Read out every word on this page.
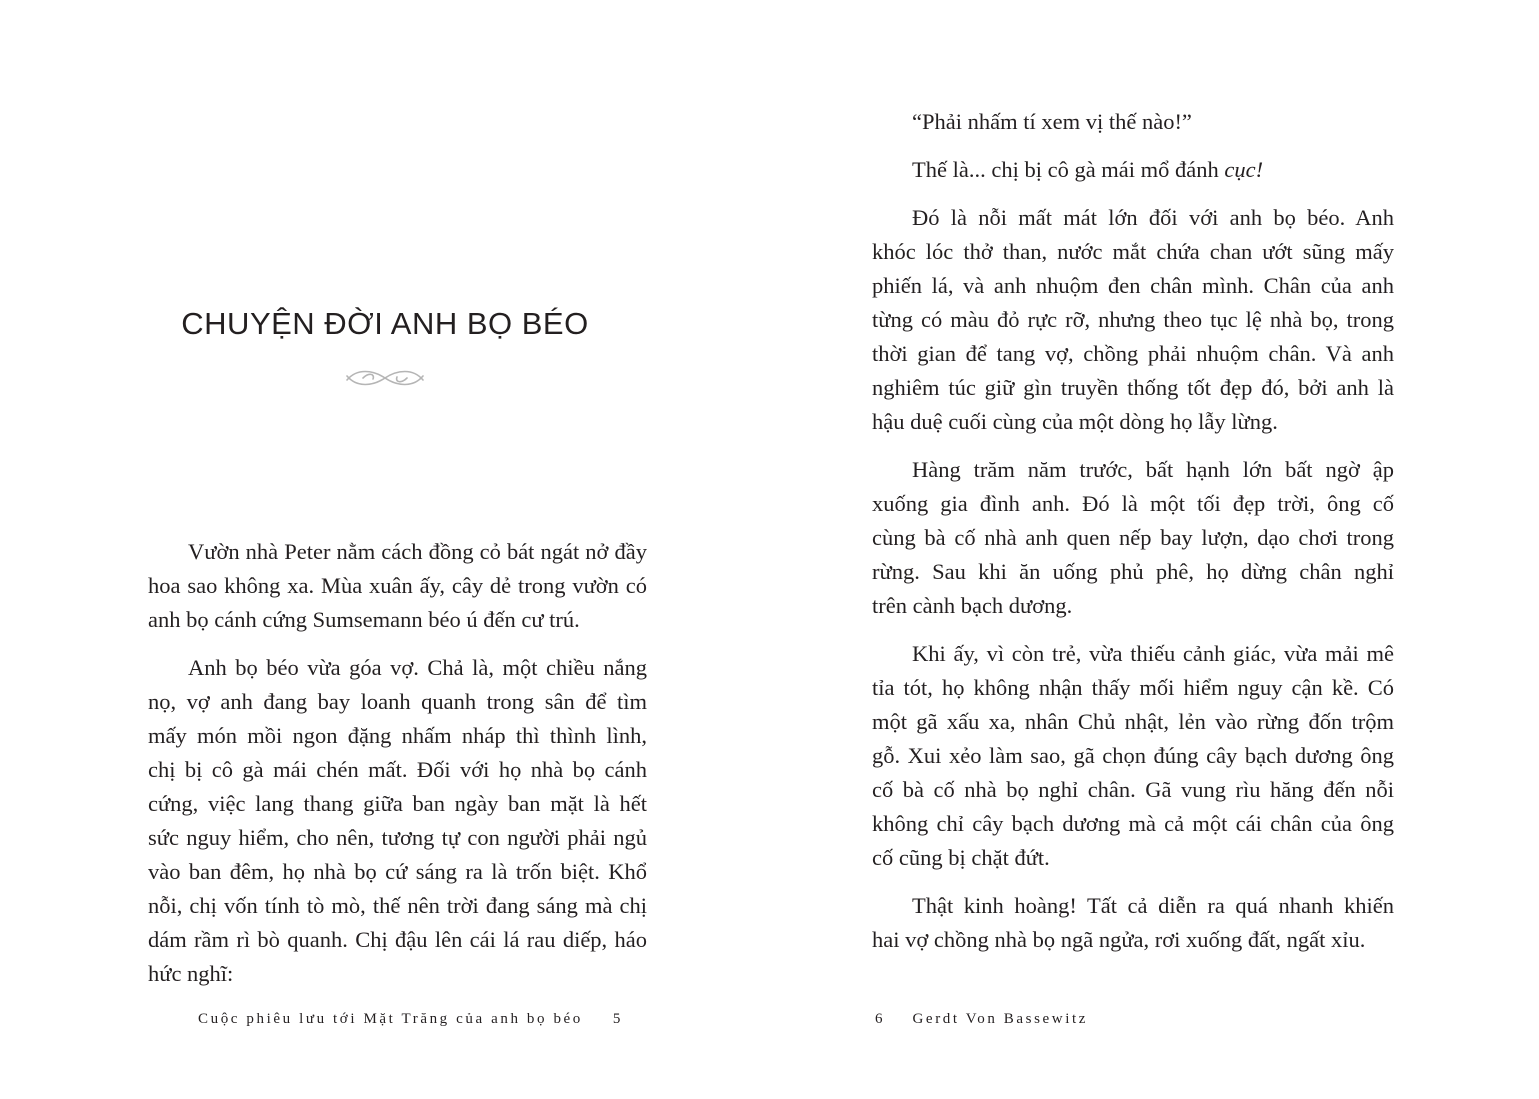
CHUYỆN ĐỜI ANH BỌ BÉO
Vườn nhà Peter nằm cách đồng cỏ bát ngát nở đầy
hoa sao không xa. Mùa xuân ấy, cây dẻ trong vườn có
anh bọ cánh cứng Sumsemann béo ú đến cư trú.
Anh bọ béo vừa góa vợ. Chả là, một chiều nắng
nọ, vợ anh đang bay loanh quanh trong sân để tìm
mấy món mồi ngon đặng nhấm nháp thì thình lình,
chị bị cô gà mái chén mất. Đối với họ nhà bọ cánh
cứng, việc lang thang giữa ban ngày ban mặt là hết
sức nguy hiểm, cho nên, tương tự con người phải ngủ
vào ban đêm, họ nhà bọ cứ sáng ra là trốn biệt. Khổ
nỗi, chị vốn tính tò mò, thế nên trời đang sáng mà chị
dám rầm rì bò quanh. Chị đậu lên cái lá rau diếp, háo
hức nghĩ:
Cuộc phiêu lưu tới Mặt Trăng của anh bọ béo 5
“Phải nhấm tí xem vị thế nào!”
Thế là... chị bị cô gà mái mổ đánh cục!
Đó là nỗi mất mát lớn đối với anh bọ béo. Anh
khóc lóc thở than, nước mắt chứa chan ướt sũng mấy
phiến lá, và anh nhuộm đen chân mình. Chân của anh
từng có màu đỏ rực rỡ, nhưng theo tục lệ nhà bọ, trong
thời gian để tang vợ, chồng phải nhuộm chân. Và anh
nghiêm túc giữ gìn truyền thống tốt đẹp đó, bởi anh là
hậu duệ cuối cùng của một dòng họ lẫy lừng.
Hàng trăm năm trước, bất hạnh lớn bất ngờ ập
xuống gia đình anh. Đó là một tối đẹp trời, ông cố
cùng bà cố nhà anh quen nếp bay lượn, dạo chơi trong
rừng. Sau khi ăn uống phủ phê, họ dừng chân nghỉ
trên cành bạch dương.
Khi ấy, vì còn trẻ, vừa thiếu cảnh giác, vừa mải mê
tỉa tót, họ không nhận thấy mối hiểm nguy cận kề. Có
một gã xấu xa, nhân Chủ nhật, lẻn vào rừng đốn trộm
gỗ. Xui xẻo làm sao, gã chọn đúng cây bạch dương ông
cố bà cố nhà bọ nghỉ chân. Gã vung rìu hăng đến nỗi
không chỉ cây bạch dương mà cả một cái chân của ông
cố cũng bị chặt đứt.
Thật kinh hoàng! Tất cả diễn ra quá nhanh khiến
hai vợ chồng nhà bọ ngã ngửa, rơi xuống đất, ngất xỉu.
6 Gerdt Von Bassewitz
